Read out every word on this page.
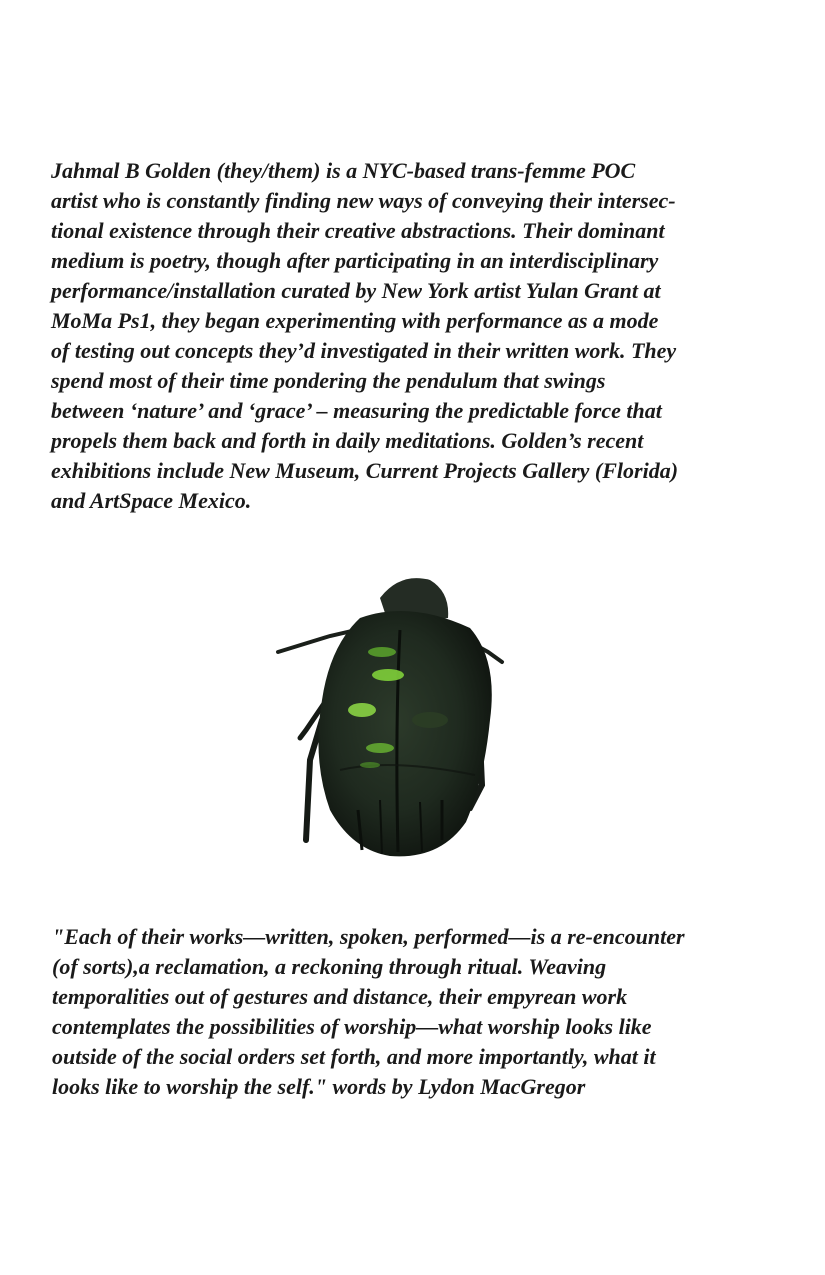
Jahmal B Golden (they/them) is a NYC-based trans-femme POC
artist who is constantly finding new ways of conveying their intersec-
tional existence through their creative abstractions. Their dominant
medium is poetry, though after participating in an interdisciplinary
performance/installation curated by New York artist Yulan Grant at
MoMa Ps1, they began experimenting with performance as a mode
of testing out concepts they’d investigated in their written work. They
spend most of their time pondering the pendulum that swings
between ‘nature’ and ‘grace’ – measuring the predictable force that
propels them back and forth in daily meditations. Golden’s recent
exhibitions include New Museum, Current Projects Gallery (Florida)
and ArtSpace Mexico.
"Each of their works—written, spoken, performed—is a re-encounter
(of sorts),a reclamation, a reckoning through ritual. Weaving
temporalities out of gestures and distance, their empyrean work
contemplates the possibilities of worship—what worship looks like
outside of the social orders set forth, and more importantly, what it
looks like to worship the self." words by Lydon MacGregor
